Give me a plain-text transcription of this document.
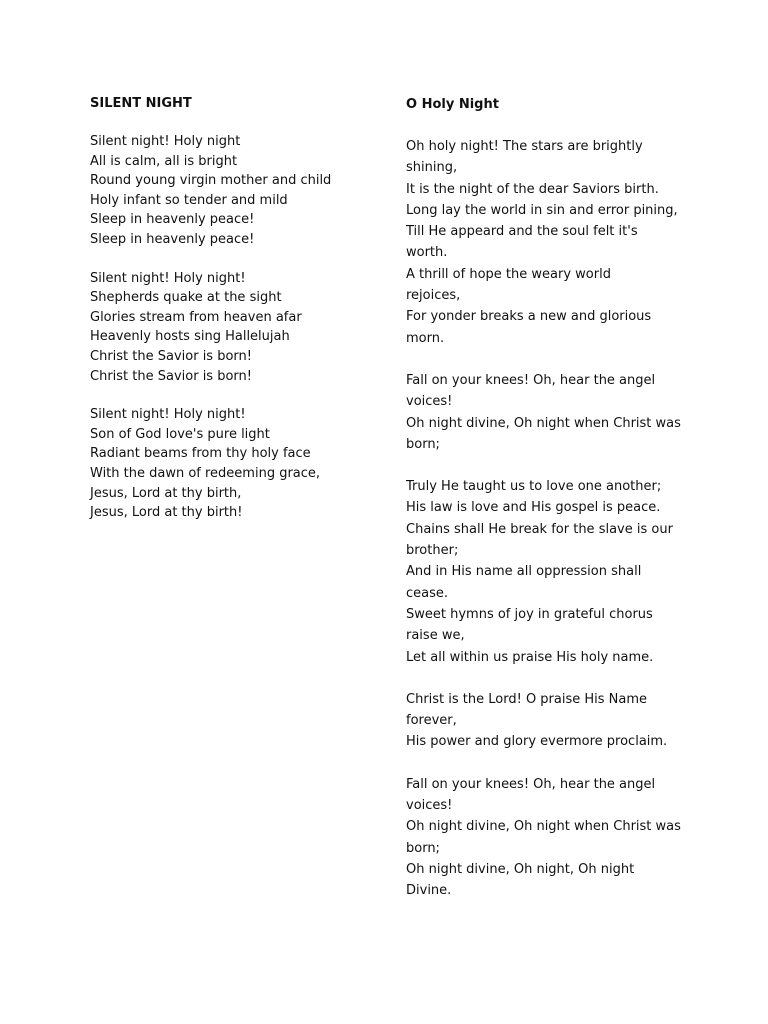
SILENT NIGHT
Silent night! Holy night
All is calm, all is bright
Round young virgin mother and child
Holy infant so tender and mild
Sleep in heavenly peace!
Sleep in heavenly peace!
Silent night! Holy night!
Shepherds quake at the sight
Glories stream from heaven afar
Heavenly hosts sing Hallelujah
Christ the Savior is born!
Christ the Savior is born!
Silent night! Holy night!
Son of God love's pure light
Radiant beams from thy holy face
With the dawn of redeeming grace,
Jesus, Lord at thy birth,
Jesus, Lord at thy birth!
O Holy Night
Oh holy night! The stars are brightly
shining,
It is the night of the dear Saviors birth.
Long lay the world in sin and error pining,
Till He appeard and the soul felt it's
worth.
A thrill of hope the weary world
rejoices,
For yonder breaks a new and glorious
morn.
Fall on your knees! Oh, hear the angel
voices!
Oh night divine, Oh night when Christ was
born;
Truly He taught us to love one another;
His law is love and His gospel is peace.
Chains shall He break for the slave is our
brother;
And in His name all oppression shall
cease.
Sweet hymns of joy in grateful chorus
raise we,
Let all within us praise His holy name.
Christ is the Lord! O praise His Name
forever,
His power and glory evermore proclaim.
Fall on your knees! Oh, hear the angel
voices!
Oh night divine, Oh night when Christ was
born;
Oh night divine, Oh night, Oh night
Divine.
